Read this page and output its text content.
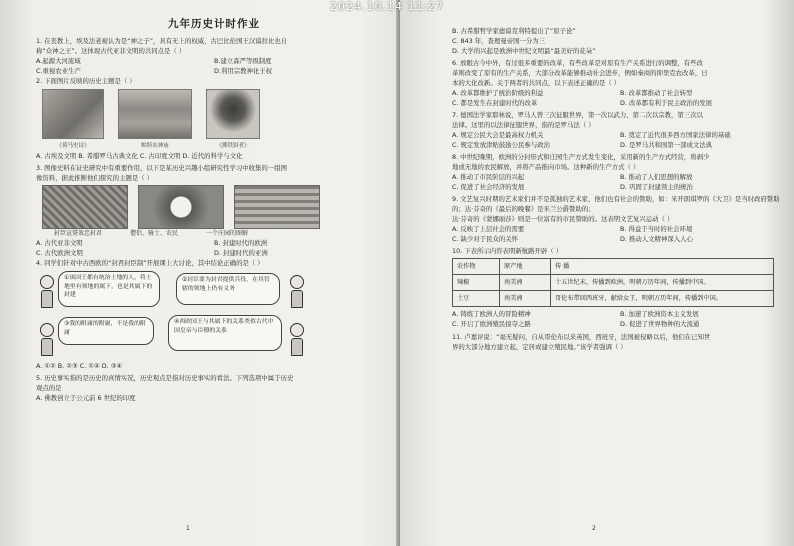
九年历史计时作业
1. 在丧教上，埃及法老被认为是“神之子”，具有无上的权威，古巴比伦国王汉谟拉比也自
称“众神之王”。这体现古代亚非文明的共同点是（ ）
A.起源大河流域	B.建立森严等级制度
C.重视农业生产	D.利用宗教神化王权
2. 下面图片反映的历史主题是（ ）
《荷马史诗》	帕特农神庙	《掷铁饼者》
A. 古埃及文明 B. 希腊罗马古典文化 C. 古印度文明 D. 近代的科学与文化
3. 图像史料在证史研究中有重要作用，以下是某历史兴趣小组研究性学习中收集的一组图
像资料，据此推断他们探究的主题是（ ）
封臣宣誓效忠封君	僧侣、骑士、农民	一个庄园的图解
A. 古代亚非文明	B. 封建时代的欧洲
C. 古代欧洲文明	D. 封建时代的亚洲
4. 同学们针对中古西欧的“封君封臣制”开展课上大讨论，其中结论正确的是（ ）
①该国王都有统治土地的人，将土地里有领地的属下，也是其属下的封建
②封臣要为封君提供兵役，在其管辖的领地上仍有义务
③我的附庸的附庸，不是我的附庸
④西欧国王与其属下的关系类似古代中国皇帝与臣僚的关系
A. ①② B. ②③ C. ①④ D. ③④
5. 历史事实指的是历史的真情实况，历史观点是指对历史事实的看法。下列选项中属于历史
观点的是
A. 佛教创立于公元前 6 世纪的印度
1
B. 古希腊哲学家德谟克利特提出了“原子论”
C. 843 年，查理曼帝国一分为三
D. 大学的兴起是欧洲中世纪文明最“最美好的花朵”
6. 放眼古今中外，有过很多重要的改革，有些改革是对原有生产关系进行的调整，有些改
革则改变了原有的生产关系，大部分改革能够推动社会进步，例如秦商的抑里克农改革，日
本的大化改新。关于两者的共同点，以下表述正确的是（ ）
A. 改革都维护了统治阶级的利益	B. 改革都推动了社会转型
C. 都是发生在封建时代的改革	D. 改革都有利于民主政治的发展
7. 德国法学家耶林说，罗马人曾三次征服世界，第一次以武力，第二次以宗教，第三次以
法律。这里的以法律征服世界，指的是罗马法（ ）
A. 规定公民大会是最高权力机关	B. 奠定了近代很多西方国家法律的基础
C. 规定发放津贴鼓励公民参与政治	D. 是罗马共和国第一部成文法典
8. 中世纪晚期，欧洲的分封形式和庄园生产方式发生变化，采用新的生产方式经营，将剥少
地或无地的农民解放，并将产品推向市场。这种新的生产方式（ ）
A. 推动了市民阶层的兴起	B. 推动了人们思想的解放
C. 促进了社会经济的发展	D. 巩固了封建领主的统治
9. 文艺复兴时期的艺术家们并不是孤独的艺术家，他们也有社会的赞助，如：米开朗琪罗的《大卫》是当时政府赞助的；达·芬奇的《最后的晚餐》是米兰公爵赞助的；
达·芬奇的《蒙娜丽莎》则是一位富有的市民赞助的。这表明文艺复兴运动（ ）
A. 反映了上层社会的需要	B. 得益于当时的社会环境
C. 缺少对于民众的关怀	D. 推动人文精神深入人心
10. 下表所示内容表明新航路开辟（ ）
农作物	原产地	传 播
辣椒	南美洲	十五世纪末，传播到欧洲，明朝万历年间，传播到中国。
土豆	南美洲	哥伦布带回西班牙，献给女王，明朝万历年间，传播到中国。
A. 铸练了欧洲人的冒险精神	B. 加速了欧洲资本主义发展
C. 开启了欧洲殖民掠夺之路	D. 促进了世界物种的大流通
11. 卢嘉评说：“毫无疑问，自从哥伦布以来英国，西班牙，法国被侵略以后，他们在已知世
界的大部分地方建立起，定居或建立殖民地。”该学者强调（ ）
2
2024.10.14 11:27
